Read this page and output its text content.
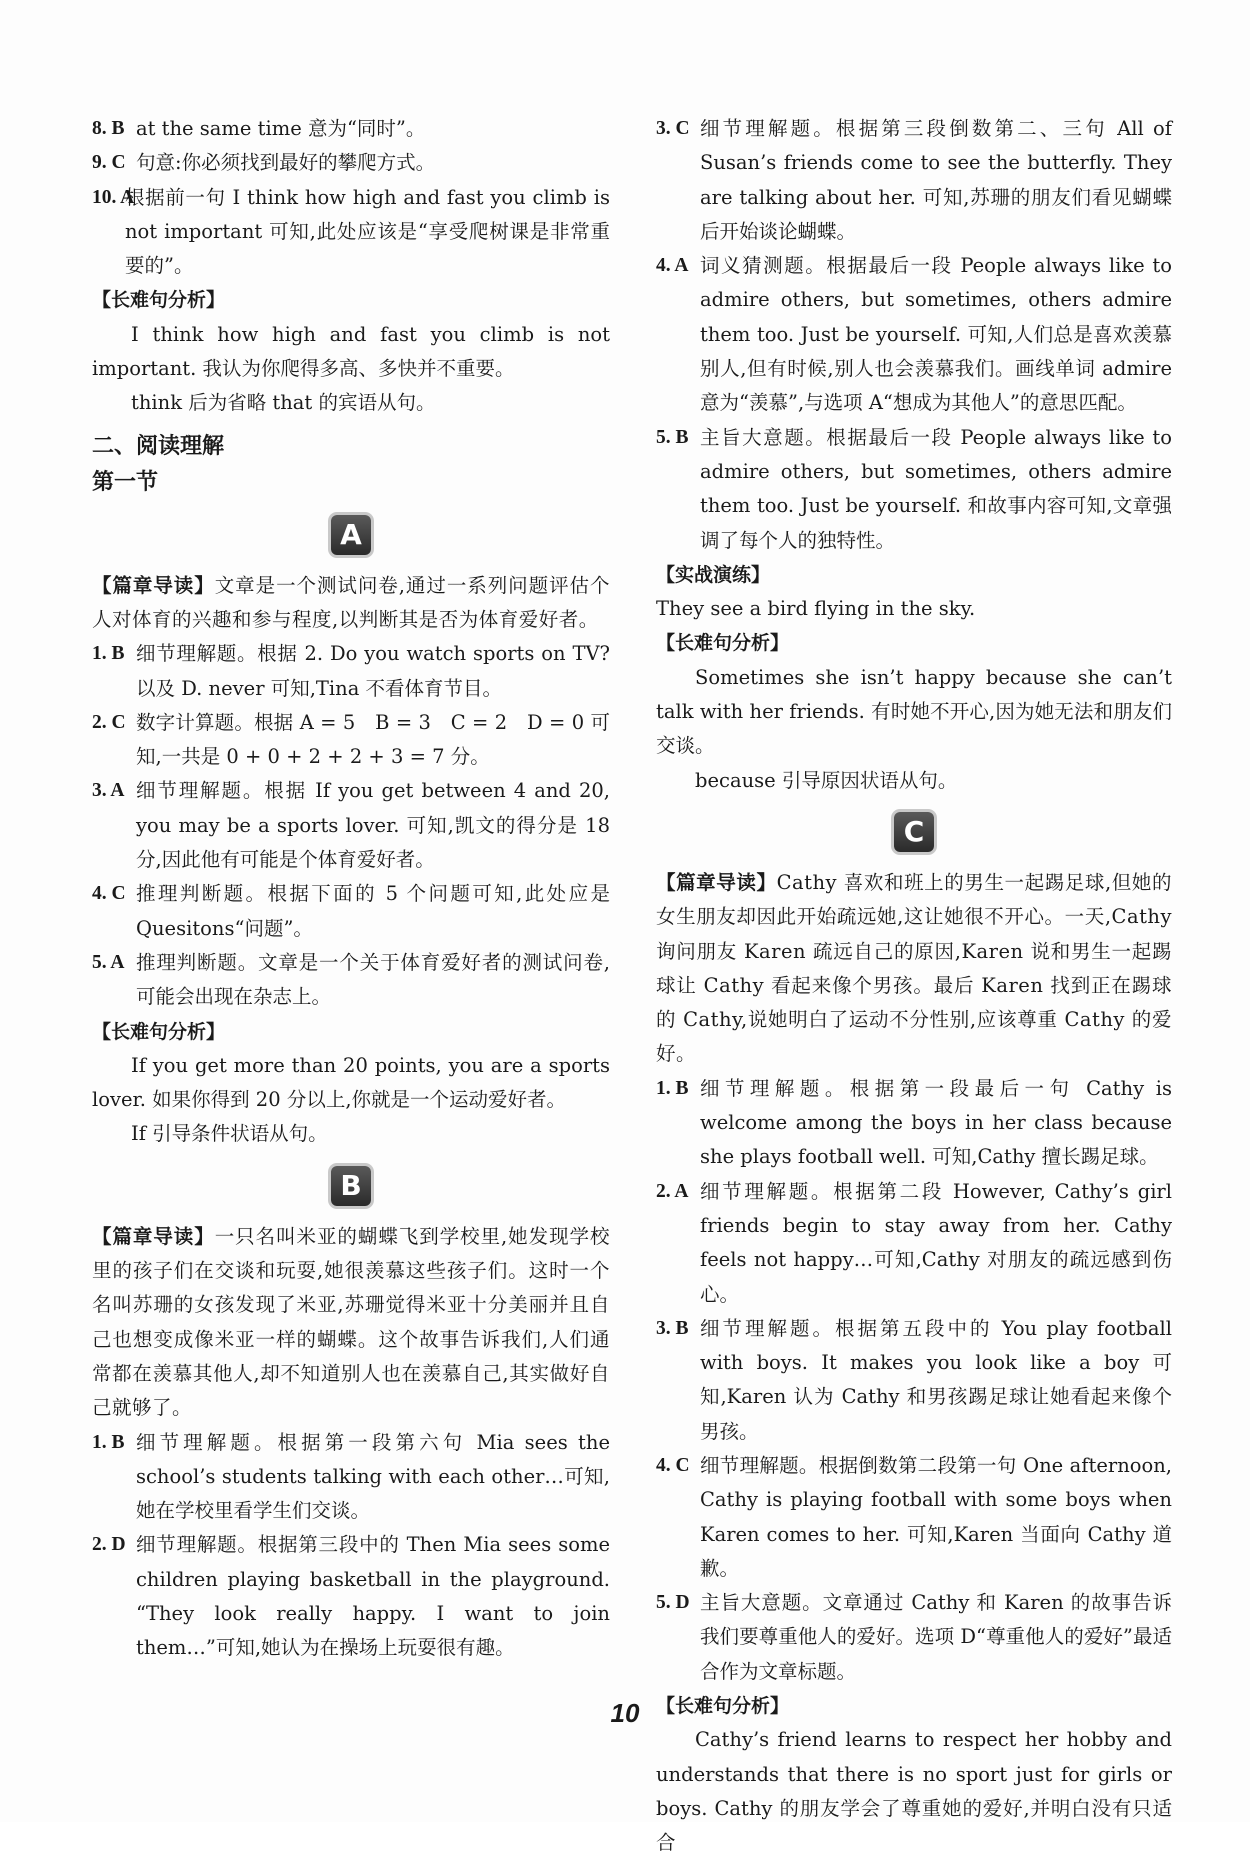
8. B at the same time 意为“同时”。
9. C 句意:你必须找到最好的攀爬方式。
10. A
根据前一句 I think how high and fast you climb is not important 可知,此处应该是“享受爬树课是非常重要的”。
【长难句分析】
I think how high and fast you climb is not important. 我认为你爬得多高、多快并不重要。
think 后为省略 that 的宾语从句。
二、阅读理解
第一节
A
【篇章导读】文章是一个测试问卷,通过一系列问题评估个人对体育的兴趣和参与程度,以判断其是否为体育爱好者。
1. B 细节理解题。根据 2. Do you watch sports on TV? 以及 D. never 可知,Tina 不看体育节目。
2. C 数字计算题。根据 A = 5　B = 3　C = 2　D = 0 可知,一共是 0 + 0 + 2 + 2 + 3 = 7 分。
3. A 细节理解题。根据 If you get between 4 and 20, you may be a sports lover. 可知,凯文的得分是 18 分,因此他有可能是个体育爱好者。
4. C 推理判断题。根据下面的 5 个问题可知,此处应是 Quesitons“问题”。
5. A 推理判断题。文章是一个关于体育爱好者的测试问卷,可能会出现在杂志上。
【长难句分析】
If you get more than 20 points, you are a sports lover. 如果你得到 20 分以上,你就是一个运动爱好者。
If 引导条件状语从句。
B
【篇章导读】一只名叫米亚的蝴蝶飞到学校里,她发现学校里的孩子们在交谈和玩耍,她很羡慕这些孩子们。这时一个名叫苏珊的女孩发现了米亚,苏珊觉得米亚十分美丽并且自己也想变成像米亚一样的蝴蝶。这个故事告诉我们,人们通常都在羡慕其他人,却不知道别人也在羡慕自己,其实做好自己就够了。
1. B 细节理解题。根据第一段第六句 Mia sees the school’s students talking with each other…可知,她在学校里看学生们交谈。
2. D 细节理解题。根据第三段中的 Then Mia sees some children playing basketball in the playground. “They look really happy. I want to join them…”可知,她认为在操场上玩耍很有趣。
3. C 细节理解题。根据第三段倒数第二、三句 All of Susan’s friends come to see the butterfly. They are talking about her. 可知,苏珊的朋友们看见蝴蝶后开始谈论蝴蝶。
4. A 词义猜测题。根据最后一段 People always like to admire others, but sometimes, others admire them too. Just be yourself. 可知,人们总是喜欢羡慕别人,但有时候,别人也会羡慕我们。画线单词 admire 意为“羡慕”,与选项 A“想成为其他人”的意思匹配。
5. B 主旨大意题。根据最后一段 People always like to admire others, but sometimes, others admire them too. Just be yourself. 和故事内容可知,文章强调了每个人的独特性。
【实战演练】
They see a bird flying in the sky.
【长难句分析】
Sometimes she isn’t happy because she can’t talk with her friends. 有时她不开心,因为她无法和朋友们交谈。
because 引导原因状语从句。
C
【篇章导读】Cathy 喜欢和班上的男生一起踢足球,但她的女生朋友却因此开始疏远她,这让她很不开心。一天,Cathy 询问朋友 Karen 疏远自己的原因,Karen 说和男生一起踢球让 Cathy 看起来像个男孩。最后 Karen 找到正在踢球的 Cathy,说她明白了运动不分性别,应该尊重 Cathy 的爱好。
1. B 细节理解题。根据第一段最后一句 Cathy is welcome among the boys in her class because she plays football well. 可知,Cathy 擅长踢足球。
2. A 细节理解题。根据第二段 However, Cathy’s girl friends begin to stay away from her. Cathy feels not happy…可知,Cathy 对朋友的疏远感到伤心。
3. B 细节理解题。根据第五段中的 You play football with boys. It makes you look like a boy 可知,Karen 认为 Cathy 和男孩踢足球让她看起来像个男孩。
4. C 细节理解题。根据倒数第二段第一句 One afternoon, Cathy is playing football with some boys when Karen comes to her. 可知,Karen 当面向 Cathy 道歉。
5. D 主旨大意题。文章通过 Cathy 和 Karen 的故事告诉我们要尊重他人的爱好。选项 D“尊重他人的爱好”最适合作为文章标题。
【长难句分析】
Cathy’s friend learns to respect her hobby and understands that there is no sport just for girls or boys. Cathy 的朋友学会了尊重她的爱好,并明白没有只适合
10
